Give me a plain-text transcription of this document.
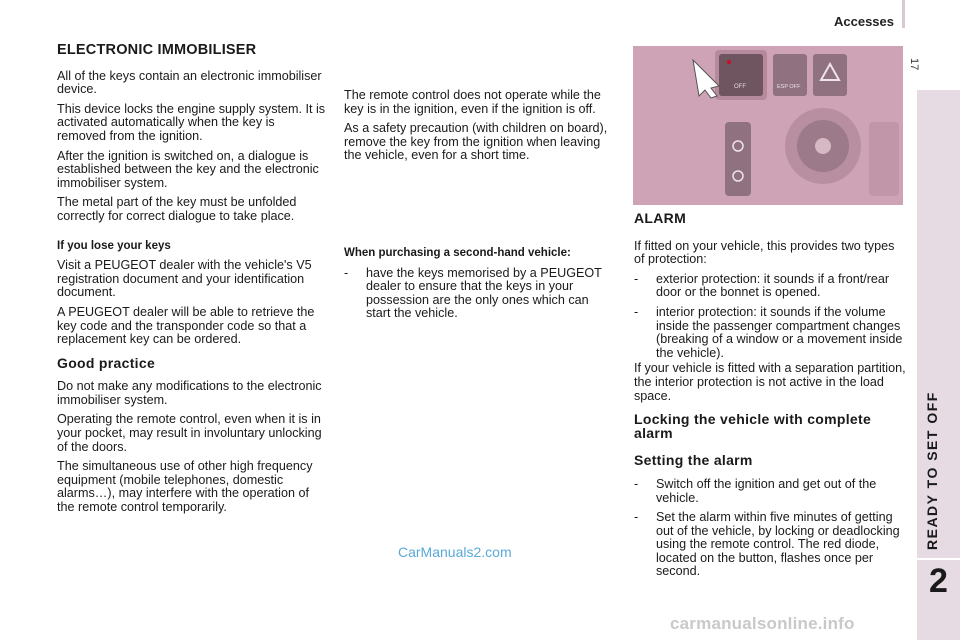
Accesses
17
READY TO SET OFF
2
ELECTRONIC IMMOBILISER

All of the keys contain an electronic immobiliser device.

This device locks the engine supply system. It is activated automatically when the key is removed from the ignition.

After the ignition is switched on, a dialogue is established between the key and the electronic immobiliser system.

The metal part of the key must be unfolded correctly for correct dialogue to take place.

If you lose your keys

Visit a PEUGEOT dealer with the vehicle's V5 registration document and your identification document.

A PEUGEOT dealer will be able to retrieve the key code and the transponder code so that a replacement key can be ordered.

Good practice

Do not make any modifications to the electronic immobiliser system.

Operating the remote control, even when it is in your pocket, may result in involuntary unlocking of the doors.

The simultaneous use of other high frequency equipment (mobile telephones, domestic alarms…), may interfere with the operation of the remote control temporarily.

The remote control does not operate while the key is in the ignition, even if the ignition is off.

As a safety precaution (with children on board), remove the key from the ignition when leaving the vehicle, even for a short time.

When purchasing a second-hand vehicle:
-	have the keys memorised by a PEUGEOT dealer to ensure that the keys in your possession are the only ones which can start the vehicle.
OFF	ESP OFF
ALARM

If fitted on your vehicle, this provides two types of protection:

-	exterior protection: it sounds if a front/rear door or the bonnet is opened.
-	interior protection: it sounds if the volume inside the passenger compartment changes (breaking of a window or a movement inside the vehicle).

If your vehicle is fitted with a separation partition, the interior protection is not active in the load space.

Locking the vehicle with complete alarm
Setting the alarm
-	Switch off the ignition and get out of the vehicle.
-	Set the alarm within five minutes of getting out of the vehicle, by locking or deadlocking using the remote control. The red diode, located on the button, flashes once per second.
CarManuals2.com
carmanualsonline.info
